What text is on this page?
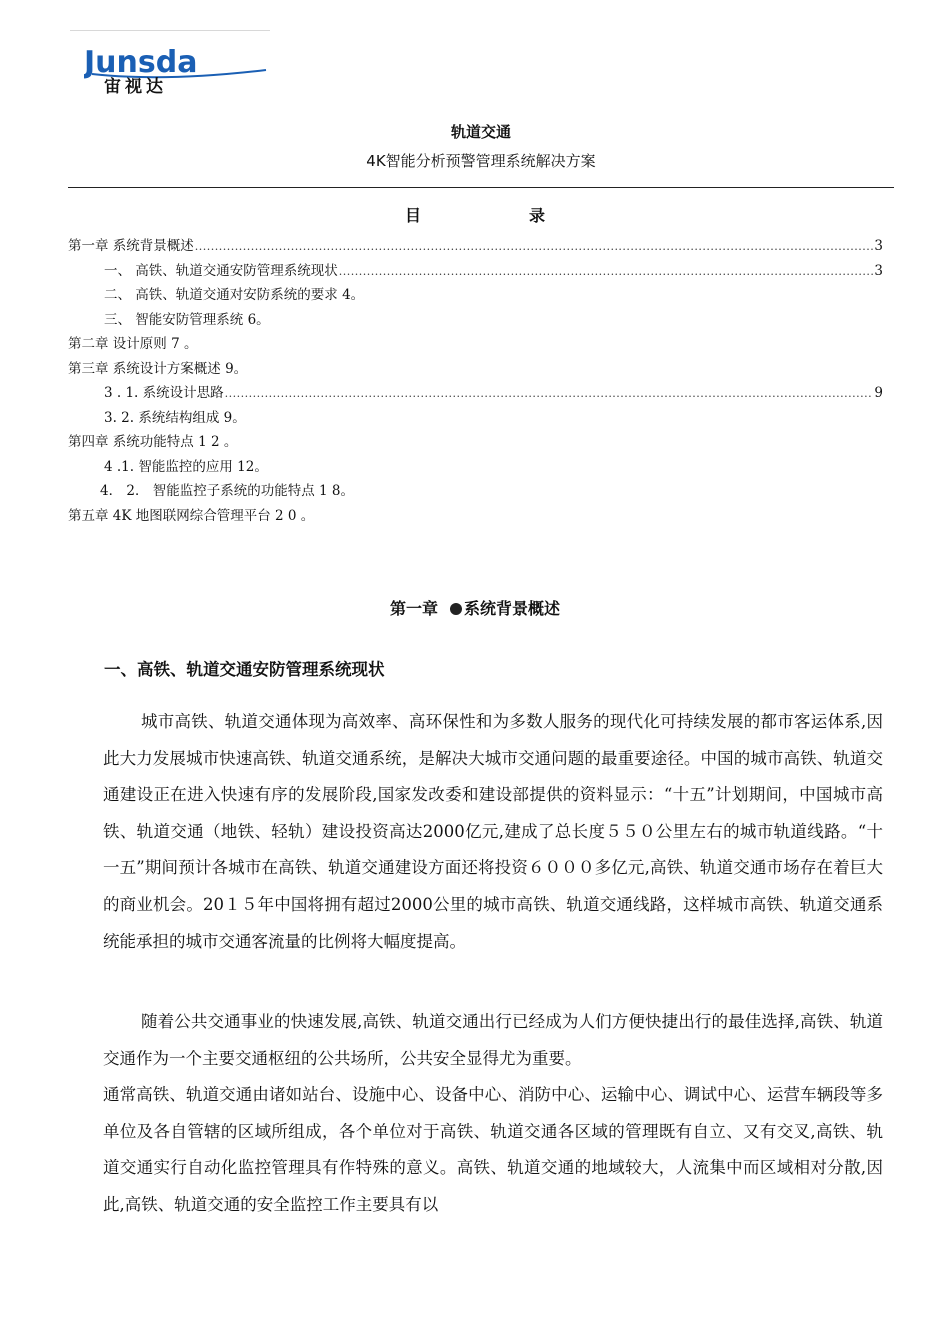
Junsda
宙视达
轨道交通
4K智能分析预警管理系统解决方案
目	录
第一章 系统背景概述 .....	3
一、 高铁、轨道交通安防管理系统现状 .....	3
二、 高铁、轨道交通对安防系统的要求 4。
三、 智能安防管理系统 6。
第二章 设计原则 7 。
第三章 系统设计方案概述 9。
3 . 1. 系统设计思路 .....	9
3. 2. 系统结构组成 9。
第四章 系统功能特点 1 2 。
4 .1. 智能监控的应用 12。
4． 2． 智能监控子系统的功能特点 1 8。
第五章 4K 地图联网综合管理平台 2 0 。
第一章 系统背景概述
一、高铁、轨道交通安防管理系统现状

城市高铁、轨道交通体现为高效率、高环保性和为多数人服务的现代化可持续发展的都市客运体系,因此大力发展城市快速高铁、轨道交通系统，是解决大城市交通问题的最重要途径。中国的城市高铁、轨道交通建设正在进入快速有序的发展阶段,国家发改委和建设部提供的资料显示：“十五”计划期间，中国城市高铁、轨道交通（地铁、轻轨）建设投资高达2000亿元,建成了总长度５５０公里左右的城市轨道线路。“十一五”期间预计各城市在高铁、轨道交通建设方面还将投资６０００多亿元,高铁、轨道交通市场存在着巨大的商业机会。20１５年中国将拥有超过2000公里的城市高铁、轨道交通线路，这样城市高铁、轨道交通系统能承担的城市交通客流量的比例将大幅度提高。

随着公共交通事业的快速发展,高铁、轨道交通出行已经成为人们方便快捷出行的最佳选择,高铁、轨道交通作为一个主要交通枢纽的公共场所，公共安全显得尤为重要。

通常高铁、轨道交通由诸如站台、设施中心、设备中心、消防中心、运输中心、调试中心、运营车辆段等多单位及各自管辖的区域所组成，各个单位对于高铁、轨道交通各区域的管理既有自立、又有交叉,高铁、轨道交通实行自动化监控管理具有作特殊的意义。高铁、轨道交通的地域较大，人流集中而区域相对分散,因此,高铁、轨道交通的安全监控工作主要具有以
